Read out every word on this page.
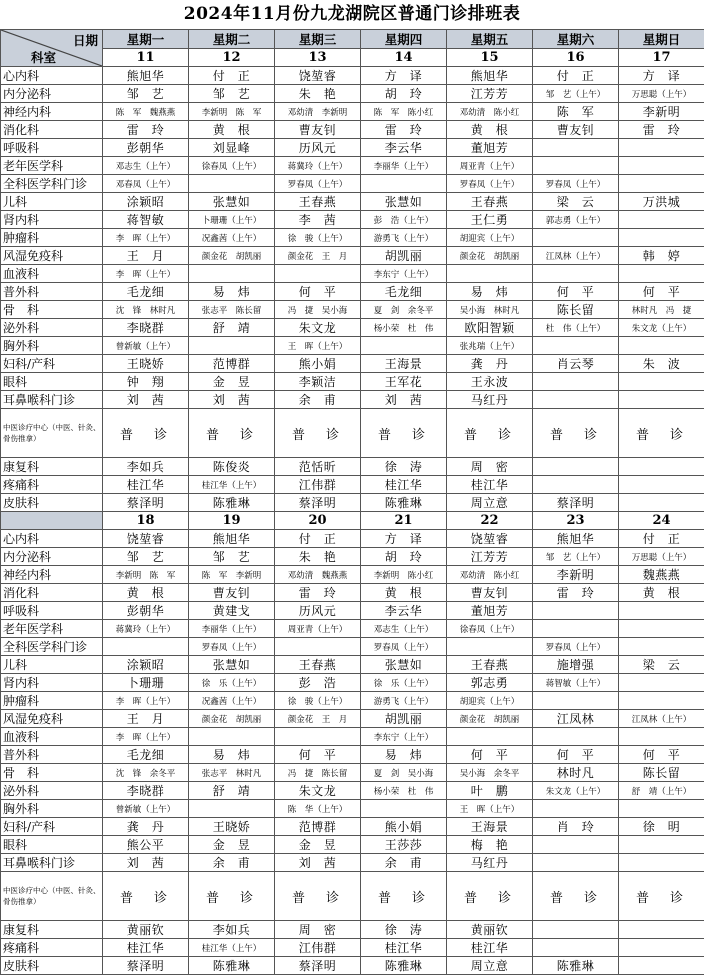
2024年11月份九龙湖院区普通门诊排班表
日期
科室	星期一	星期二	星期三	星期四	星期五	星期六	星期日
	11	12	13	14	15	16	17
心内科	熊旭华	付　正	饶堃睿	方　译	熊旭华	付　正	方　译
内分泌科	邹　艺	邹　艺	朱　艳	胡　玲	江芳芳	邹　艺（上午）	万思聪（上午）
神经内科	陈　军　魏燕燕	李新明　陈　军	邓幼清　李新明	陈　军　陈小红	邓幼清　陈小红	陈　军	李新明
消化科	雷　玲	黄　根	曹友钊	雷　玲	黄　根	曹友钊	雷　玲
呼吸科	彭朝华	刘显峰	历风元	李云华	董旭芳		
老年医学科	邓志生（上午）	徐春凤（上午）	蒋冀玲（上午）	李丽华（上午）	周亚青（上午）		
全科医学科门诊	邓春凤（上午）		罗春凤（上午）		罗春凤（上午）	罗春凤（上午）	
儿科	涂颖昭	张慧如	王春燕	张慧如	王春燕	梁　云	万洪城
肾内科	蒋智敏	卜珊珊（上午）	李　茜	彭　浩（上午）	王仁勇	郭志勇（上午）	
肿瘤科	李　晖（上午）	况鑫茜（上午）	徐　骏（上午）	游勇飞（上午）	胡迎宾（上午）		
风湿免疫科	王　月	颜金花　胡凯丽	颜金花　王　月	胡凯丽	颜金花　胡凯丽	江凤林（上午）	韩　婷
血液科	李　晖（上午）			李东宁（上午）			
普外科	毛龙细	易　炜	何　平	毛龙细	易　炜	何　平	何　平
骨　科	沈　锋　林时凡	张志平　陈长留	冯　捷　吴小海	夏　剑　余冬平	吴小海　林时凡	陈长留	林时凡　冯　捷
泌外科	李晓群	舒　靖	朱文龙	杨小荣　杜　伟	欧阳智颖	杜　伟（上午）	朱文龙（上午）
胸外科	曾新敏（上午）		王　晖（上午）		张兆瑞（上午）		
妇科/产科	王晓娇	范博群	熊小娟	王海景	龚　丹	肖云琴	朱　波
眼科	钟　翔	金　昱	李颖洁	王军花	王永波		
耳鼻喉科门诊	刘　茜	刘　茜	余　甫	刘　茜	马红丹		
中医诊疗中心（中医、针灸、骨伤推拿）	普　诊	普　诊	普　诊	普　诊	普　诊	普　诊	普　诊
康复科	李如兵	陈俊炎	范恬昕	徐　涛	周　密		
疼痛科	桂江华	桂江华（上午）	江伟群	桂江华	桂江华		
皮肤科	蔡泽明	陈雅琳	蔡泽明	陈雅琳	周立意	蔡泽明	
	18	19	20	21	22	23	24
心内科	饶堃睿	熊旭华	付　正	方　译	饶堃睿	熊旭华	付　正
内分泌科	邹　艺	邹　艺	朱　艳	胡　玲	江芳芳	邹　艺（上午）	万思聪（上午）
神经内科	李新明　陈　军	陈　军　李新明	邓幼清　魏燕燕	李新明　陈小红	邓幼清　陈小红	李新明	魏燕燕
消化科	黄　根	曹友钊	雷　玲	黄　根	曹友钊	雷　玲	黄　根
呼吸科	彭朝华	黄建戈	历风元	李云华	董旭芳		
老年医学科	蒋冀玲（上午）	李丽华（上午）	周亚青（上午）	邓志生（上午）	徐春凤（上午）		
全科医学科门诊		罗春凤（上午）		罗春凤（上午）		罗春凤（上午）	
儿科	涂颖昭	张慧如	王春燕	张慧如	王春燕	施增强	梁　云
肾内科	卜珊珊	徐　乐（上午）	彭　浩	徐　乐（上午）	郭志勇	蒋智敏（上午）	
肿瘤科	李　晖（上午）	况鑫茜（上午）	徐　骏（上午）	游勇飞（上午）	胡迎宾（上午）		
风湿免疫科	王　月	颜金花　胡凯丽	颜金花　王　月	胡凯丽	颜金花　胡凯丽	江凤林	江凤林（上午）
血液科	李　晖（上午）			李东宁（上午）			
普外科	毛龙细	易　炜	何　平	易　炜	何　平	何　平	何　平
骨　科	沈　锋　余冬平	张志平　林时凡	冯　捷　陈长留	夏　剑　吴小海	吴小海　余冬平	林时凡	陈长留
泌外科	李晓群	舒　靖	朱文龙	杨小荣　杜　伟	叶　鹏	朱文龙（上午）	舒　靖（上午）
胸外科	曾新敏（上午）		陈　华（上午）		王　晖（上午）		
妇科/产科	龚　丹	王晓娇	范博群	熊小娟	王海景	肖　玲	徐　明
眼科	熊公平	金　昱	金　昱	王莎莎	梅　艳		
耳鼻喉科门诊	刘　茜	余　甫	刘　茜	余　甫	马红丹		
中医诊疗中心（中医、针灸、骨伤推拿）	普　诊	普　诊	普　诊	普　诊	普　诊	普　诊	普　诊
康复科	黄丽钦	李如兵	周　密	徐　涛	黄丽钦		
疼痛科	桂江华	桂江华（上午）	江伟群	桂江华	桂江华		
皮肤科	蔡泽明	陈雅琳	蔡泽明	陈雅琳	周立意	陈雅琳	
